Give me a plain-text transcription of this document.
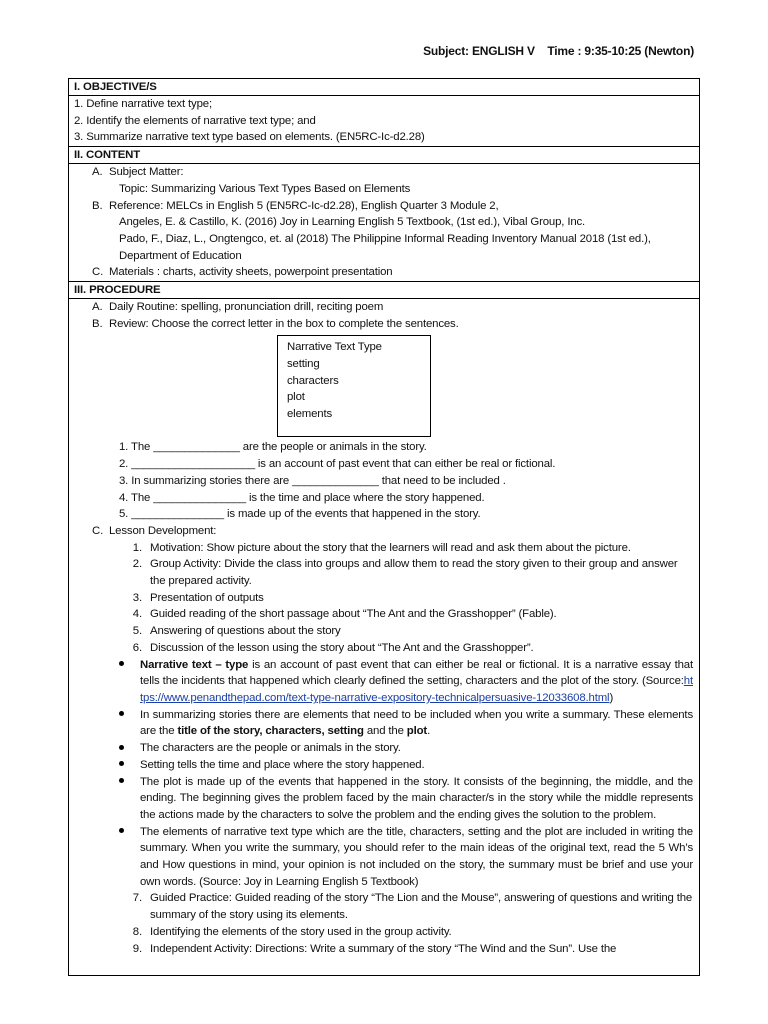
Subject: ENGLISH V Time : 9:35-10:25 (Newton)
I. OBJECTIVE/S
1. Define narrative text type;
2. Identify the elements of narrative text type; and
3. Summarize narrative text type based on elements. (EN5RC-Ic-d2.28)
II. CONTENT
A. Subject Matter:
Topic: Summarizing Various Text Types Based on Elements
B. Reference: MELCs in English 5 (EN5RC-Ic-d2.28), English Quarter 3 Module 2,
Angeles, E. & Castillo, K. (2016) Joy in Learning English 5 Textbook, (1st ed.), Vibal Group, Inc.
Pado, F., Diaz, L., Ongtengco, et. al (2018) The Philippine Informal Reading Inventory Manual 2018 (1st ed.),
Department of Education
C. Materials : charts, activity sheets, powerpoint presentation
III. PROCEDURE
A. Daily Routine: spelling, pronunciation drill, reciting poem
B. Review: Choose the correct letter in the box to complete the sentences.
Narrative Text Type
setting
characters
plot
elements
1. The ______________ are the people or animals in the story.
2. ____________________ is an account of past event that can either be real or fictional.
3. In summarizing stories there are ______________ that need to be included .
4. The _______________ is the time and place where the story happened.
5. _______________ is made up of the events that happened in the story.
C. Lesson Development:
1. Motivation: Show picture about the story that the learners will read and ask them about the picture.
2. Group Activity: Divide the class into groups and allow them to read the story given to their group and answer the prepared activity.
3. Presentation of outputs
4. Guided reading of the short passage about “The Ant and the Grasshopper” (Fable).
5. Answering of questions about the story
6. Discussion of the lesson using the story about “The Ant and the Grasshopper”.
Narrative text – type is an account of past event that can either be real or fictional. It is a narrative essay that tells the incidents that happened which clearly defined the setting, characters and the plot of the story. (Source:https://www.penandthepad.com/text-type-narrative-expository-technicalpersuasive-12033608.html)
In summarizing stories there are elements that need to be included when you write a summary. These elements are the title of the story, characters, setting and the plot.
The characters are the people or animals in the story.
Setting tells the time and place where the story happened.
The plot is made up of the events that happened in the story. It consists of the beginning, the middle, and the ending. The beginning gives the problem faced by the main character/s in the story while the middle represents the actions made by the characters to solve the problem and the ending gives the solution to the problem.
The elements of narrative text type which are the title, characters, setting and the plot are included in writing the summary. When you write the summary, you should refer to the main ideas of the original text, read the 5 Wh’s and How questions in mind, your opinion is not included on the story, the summary must be brief and use your own words. (Source: Joy in Learning English 5 Textbook)
7. Guided Practice: Guided reading of the story “The Lion and the Mouse”, answering of questions and writing the summary of the story using its elements.
8. Identifying the elements of the story used in the group activity.
9. Independent Activity: Directions: Write a summary of the story “The Wind and the Sun”. Use the
